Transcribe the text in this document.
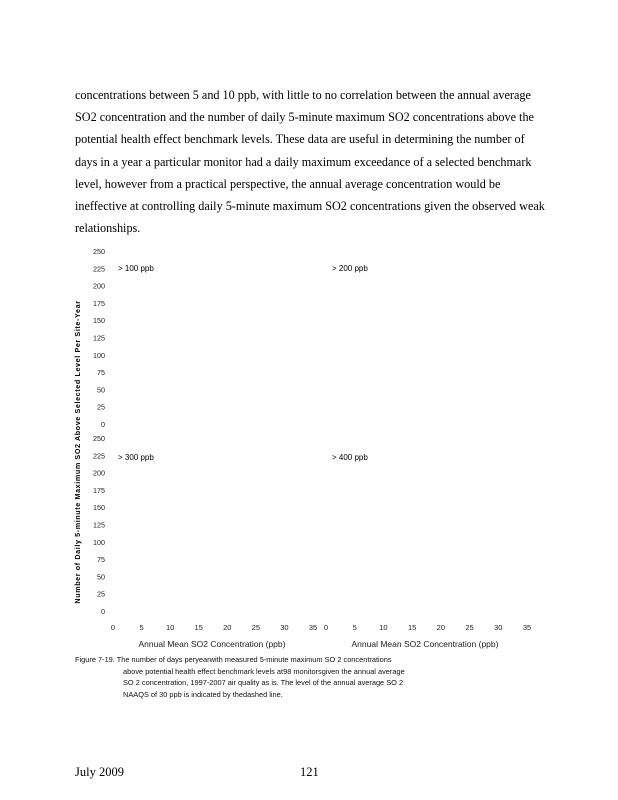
concentrations between 5 and 10 ppb, with little to no correlation between the annual average

SO2 concentration and the number of daily 5-minute maximum SO2 concentrations above the

potential health effect benchmark levels. These data are useful in determining the number of

days in a year a particular monitor had a daily maximum exceedance of a selected benchmark

level, however from a practical perspective, the annual average concentration would be

ineffective at controlling daily 5-minute maximum SO2 concentrations given the observed weak

relationships.

Number of Daily 5-minute Maximum SO2 Above Selected Level Per Site-Year
250
225
200
175
150
125
100
75
50
25
0
250
225
200
175
150
125
100
75
50
25
0
0	5	10	15	20	25	30	35 0	5	10	15	20	25	30	35
> 100 ppb	> 200 ppb
> 300 ppb	> 400 ppb
Annual Mean SO2 Concentration (ppb)	Annual Mean SO2 Concentration (ppb)

Figure 7-19. The number of days peryearwith measured 5-minute maximum SO 2 concentrations

above potential health effect benchmark levels at98 monitorsgiven the annual average

SO 2 concentration, 1997-2007 air quality as is. The level of the annual average SO 2

NAAQS of 30 ppb is indicated by thedashed line.

July 2009	121
